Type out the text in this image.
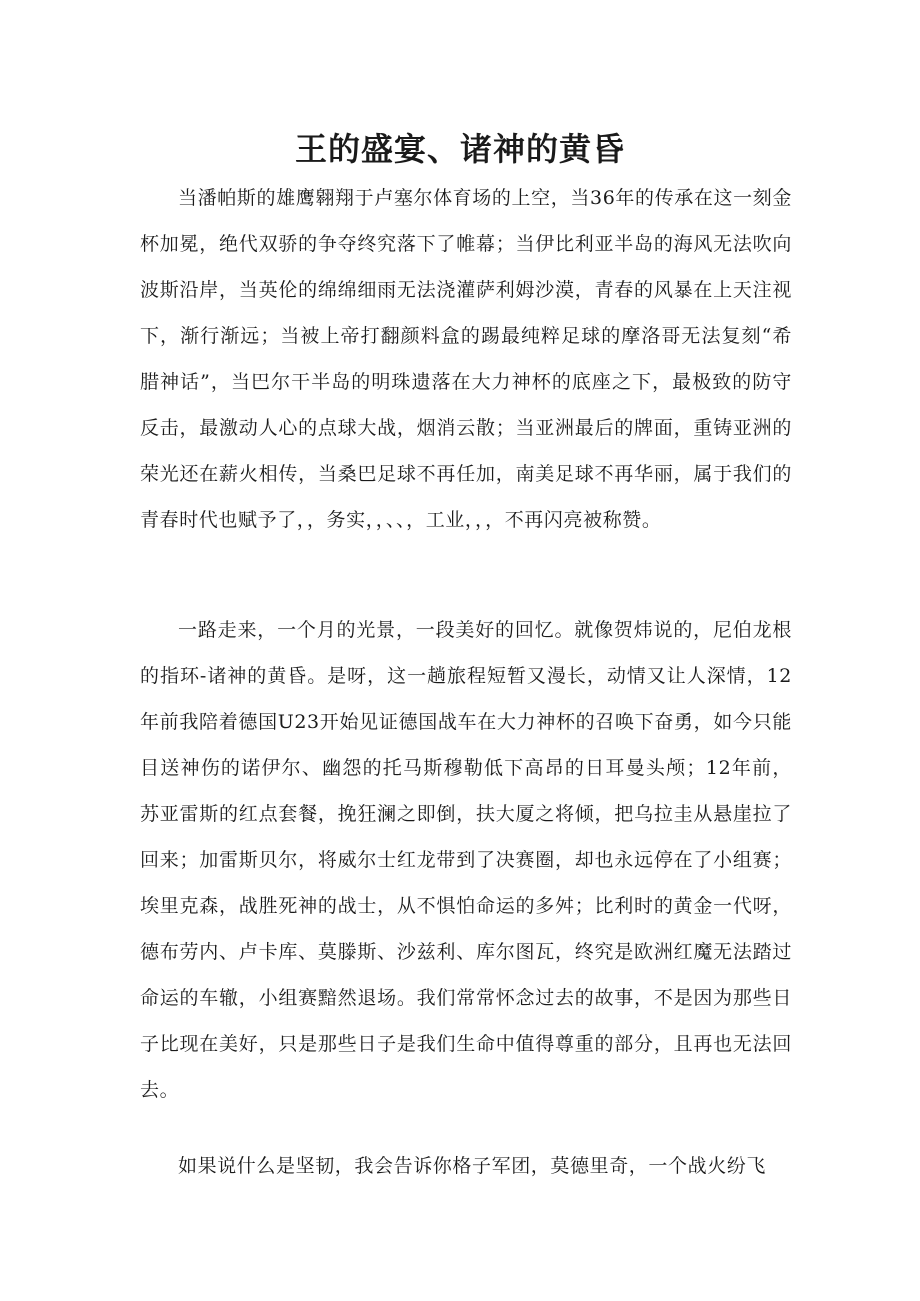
王的盛宴、诸神的黄昏

当潘帕斯的雄鹰翱翔于卢塞尔体育场的上空，当36年的传承在这一刻金杯加冕，绝代双骄的争夺终究落下了帷幕；当伊比利亚半岛的海风无法吹向波斯沿岸，当英伦的绵绵细雨无法浇灌萨利姆沙漠，青春的风暴在上天注视下，渐行渐远；当被上帝打翻颜料盒的踢最纯粹足球的摩洛哥无法复刻“希腊神话”，当巴尔干半岛的明珠遗落在大力神杯的底座之下，最极致的防守反击，最激动人心的点球大战，烟消云散；当亚洲最后的牌面，重铸亚洲的荣光还在薪火相传，当桑巴足球不再任加，南美足球不再华丽，属于我们的青春时代也赋予了，，务实，，、、，工业，，，不再闪亮被称赞。

一路走来，一个月的光景，一段美好的回忆。就像贺炜说的，尼伯龙根的指环-诸神的黄昏。是呀，这一趟旅程短暂又漫长，动情又让人深情，12年前我陪着德国U23开始见证德国战车在大力神杯的召唤下奋勇，如今只能目送神伤的诺伊尔、幽怨的托马斯穆勒低下高昂的日耳曼头颅；12年前，苏亚雷斯的红点套餐，挽狂澜之即倒，扶大厦之将倾，把乌拉圭从悬崖拉了回来；加雷斯贝尔，将威尔士红龙带到了决赛圈，却也永远停在了小组赛；埃里克森，战胜死神的战士，从不惧怕命运的多舛；比利时的黄金一代呀，德布劳内、卢卡库、莫滕斯、沙兹利、库尔图瓦，终究是欧洲红魔无法踏过命运的车辙，小组赛黯然退场。我们常常怀念过去的故事，不是因为那些日子比现在美好，只是那些日子是我们生命中值得尊重的部分，且再也无法回去。

如果说什么是坚韧，我会告诉你格子军团，莫德里奇，一个战火纷飞
